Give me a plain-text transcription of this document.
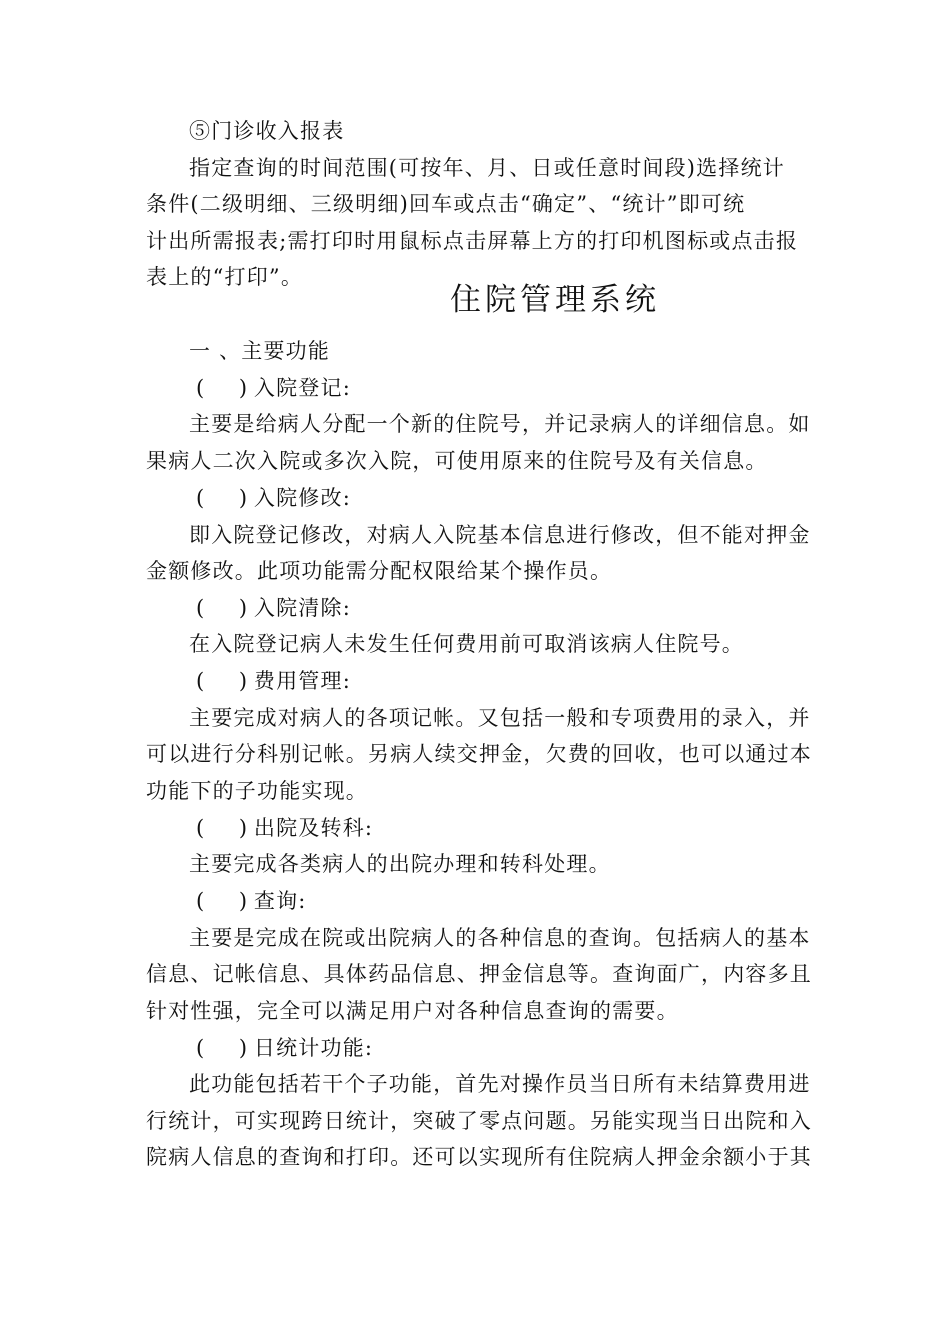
⑤门诊收入报表
指定查询的时间范围(可按年、月、日或任意时间段)选择统计
条件(二级明细、三级明细)回车或点击“确定”、“统计”即可统
计出所需报表;需打印时用鼠标点击屏幕上方的打印机图标或点击报
表上的“打印”。
住院管理系统
一 、主要功能
( ) 入院登记:
主要是给病人分配一个新的住院号，并记录病人的详细信息。如
果病人二次入院或多次入院，可使用原来的住院号及有关信息。
( ) 入院修改:
即入院登记修改，对病人入院基本信息进行修改，但不能对押金
金额修改。此项功能需分配权限给某个操作员。
( ) 入院清除:
在入院登记病人未发生任何费用前可取消该病人住院号。
( ) 费用管理:
主要完成对病人的各项记帐。又包括一般和专项费用的录入，并
可以进行分科别记帐。另病人续交押金，欠费的回收，也可以通过本
功能下的子功能实现。
( ) 出院及转科:
主要完成各类病人的出院办理和转科处理。
( ) 查询:
主要是完成在院或出院病人的各种信息的查询。包括病人的基本
信息、记帐信息、具体药品信息、押金信息等。查询面广，内容多且
针对性强，完全可以满足用户对各种信息查询的需要。
( ) 日统计功能:
此功能包括若干个子功能，首先对操作员当日所有未结算费用进
行统计，可实现跨日统计，突破了零点问题。另能实现当日出院和入
院病人信息的查询和打印。还可以实现所有住院病人押金余额小于其
